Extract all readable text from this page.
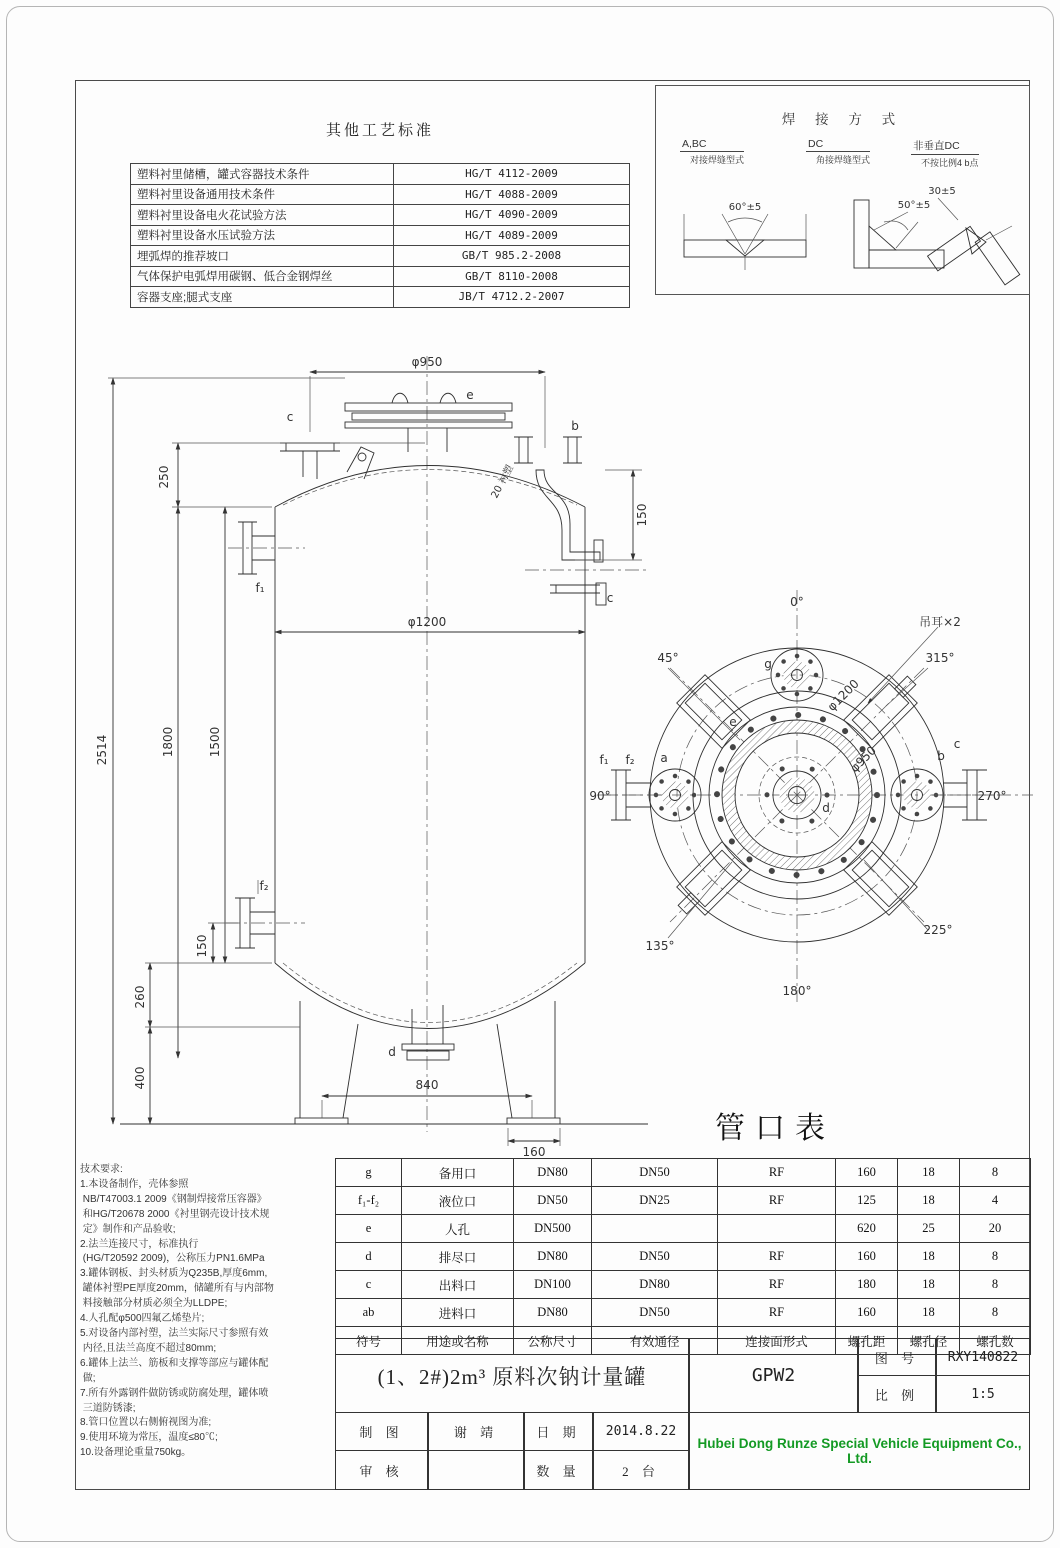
其他工艺标准
塑料衬里储槽，罐式容器技术条件	HG/T 4112-2009
塑料衬里设备通用技术条件	HG/T 4088-2009
塑料衬里设备电火花试验方法	HG/T 4090-2009
塑料衬里设备水压试验方法	HG/T 4089-2009
埋弧焊的推荐坡口	GB/T 985.2-2008
气体保护电弧焊用碳钢、低合金钢焊丝	GB/T 8110-2008
容器支座;腿式支座	JB/T 4712.2-2007
焊 接 方 式
A,BC
对接焊缝型式
DC
角接焊缝型式
非垂直DC
不按比例4 b点
60°±5	50°±5
30±5
φ950
250
150
φ1200
2514	1800	1500
150
260
400	840
160
c
e
b
c
f₁
f₂
d
20 衬塑
0°
45°	315°
90°	270°
135°
225°
180°
g
e
a	b
c
d
f₁ f₂
φ1200
φ950
吊耳×2
管口表
g	备用口	DN80	DN50	RF	160	18	8
f₁-f₂	液位口	DN50	DN25	RF	125	18	4
e	人孔	DN500			620	25	20
d	排尽口	DN80	DN50	RF	160	18	8
c	出料口	DN100	DN80	RF	180	18	8
ab	进料口	DN80	DN50	RF	160	18	8
符号	用途或名称	公称尺寸	有效通径	连接面形式	螺孔距	螺孔径	螺孔数
(1、2#)2m³ 原料次钠计量罐	GPW2
图 号	RXY140822
比 例	1:5
制 图	谢 靖	日 期	2014.8.22
Hubei Dong Runze Special Vehicle Equipment Co., Ltd.
审 核	数 量	2 台
技术要求:
1.本设备制作，壳体参照
NB/T47003.1 2009《钢制焊接常压容器》
和HG/T20678 2000《衬里钢壳设计技术规
定》制作和产品验收;
2.法兰连接尺寸，标准执行
(HG/T20592 2009)，公称压力PN1.6MPa
3.罐体钢板、封头材质为Q235B,厚度6mm,
罐体衬塑PE厚度20mm，储罐所有与内部物
料接触部分材质必须全为LLDPE;
4.人孔配φ500四氟乙烯垫片;
5.对设备内部衬塑，法兰实际尺寸参照有效
内径,且法兰高度不超过80mm;
6.罐体上法兰、筋板和支撑等部应与罐体配
做;
7.所有外露钢件做防锈或防腐处理，罐体喷
三道防锈漆;
8.管口位置以右侧俯视图为准;
9.使用环境为常压，温度≤80℃;
10.设备理论重量750kg。
